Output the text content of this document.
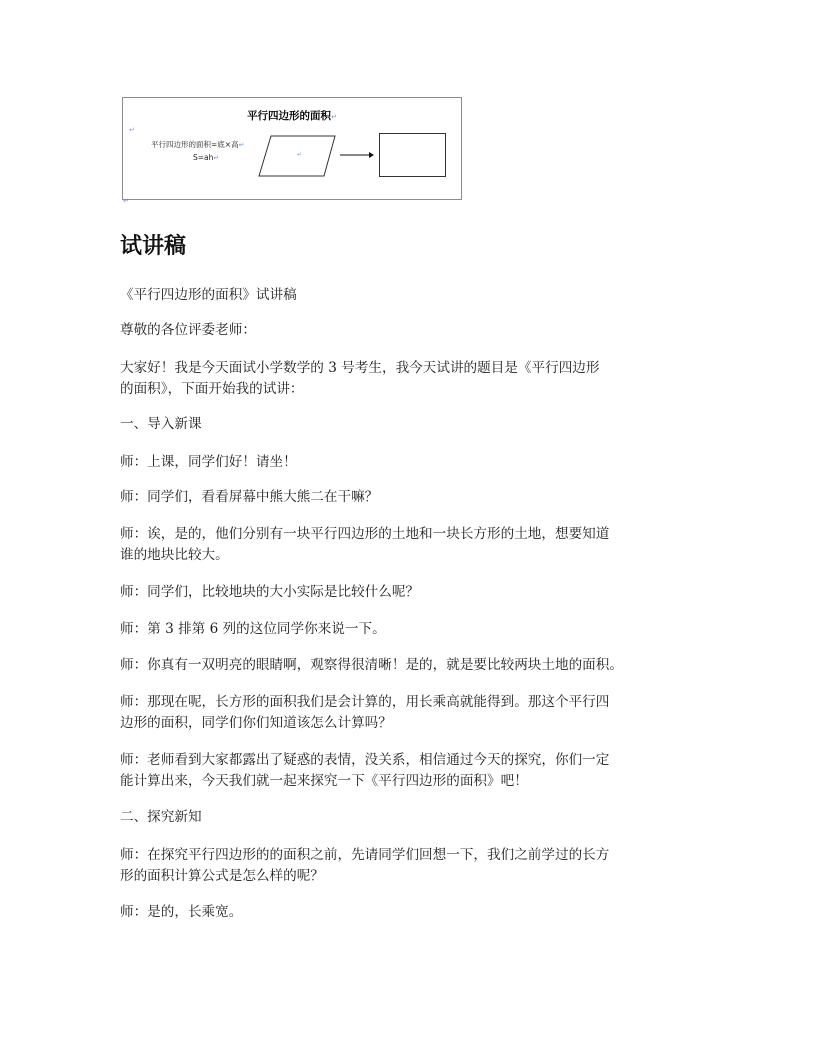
平行四边形的面积↵
↵
平行四边形的面积=底×高↵
S=ah↵	↵
↵
试讲稿
《平行四边形的面积》试讲稿
尊敬的各位评委老师：
大家好！我是今天面试小学数学的 3 号考生，我今天试讲的题目是《平行四边形
的面积》，下面开始我的试讲：
一、导入新课
师：上课，同学们好！请坐！
师：同学们，看看屏幕中熊大熊二在干嘛？
师：诶，是的，他们分别有一块平行四边形的土地和一块长方形的土地，想要知道
谁的地块比较大。
师：同学们，比较地块的大小实际是比较什么呢？
师：第 3 排第 6 列的这位同学你来说一下。
师：你真有一双明亮的眼睛啊，观察得很清晰！是的，就是要比较两块土地的面积。
师：那现在呢，长方形的面积我们是会计算的，用长乘高就能得到。那这个平行四
边形的面积，同学们你们知道该怎么计算吗？
师：老师看到大家都露出了疑惑的表情，没关系，相信通过今天的探究，你们一定
能计算出来，今天我们就一起来探究一下《平行四边形的面积》吧！
二、探究新知
师：在探究平行四边形的的面积之前，先请同学们回想一下，我们之前学过的长方
形的面积计算公式是怎么样的呢？
师：是的，长乘宽。
